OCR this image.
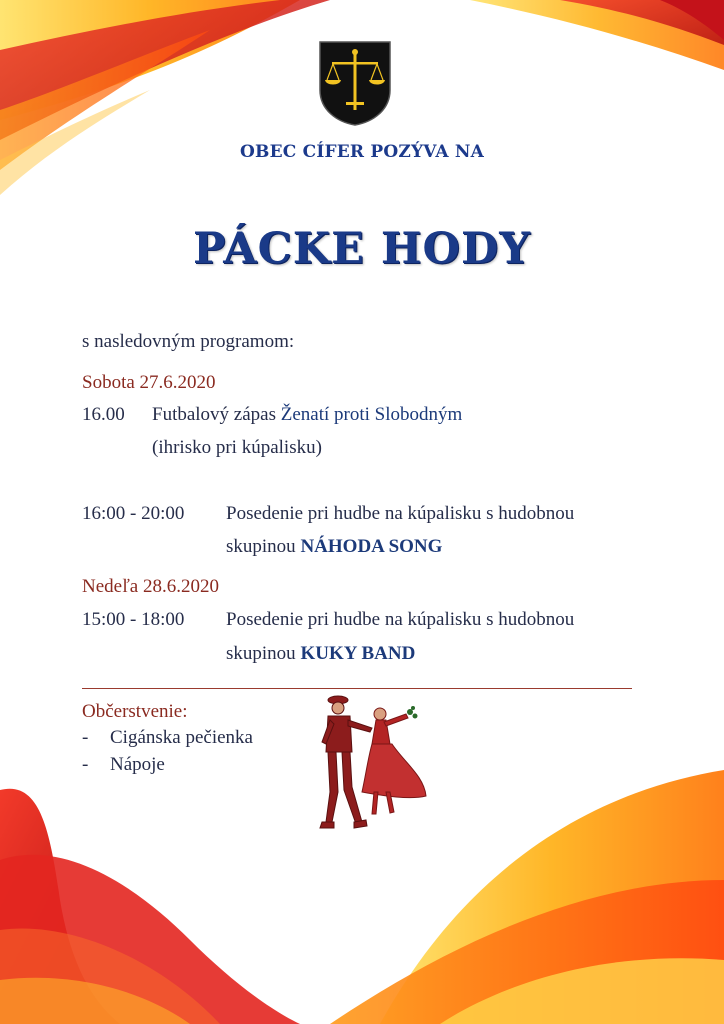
OBEC CÍFER POZÝVA NA
PÁCKE HODY
s nasledovným programom:
Sobota 27.6.2020
16.00 Futbalový zápas Ženatí proti Slobodným
(ihrisko pri kúpalisku)
16:00 - 20:00 Posedenie pri hudbe na kúpalisku s hudobnou
skupinou NÁHODA SONG
Nedeľa 28.6.2020
15:00 - 18:00 Posedenie pri hudbe na kúpalisku s hudobnou
skupinou KUKY BAND
Občerstvenie:
- Cigánska pečienka
- Nápoje
